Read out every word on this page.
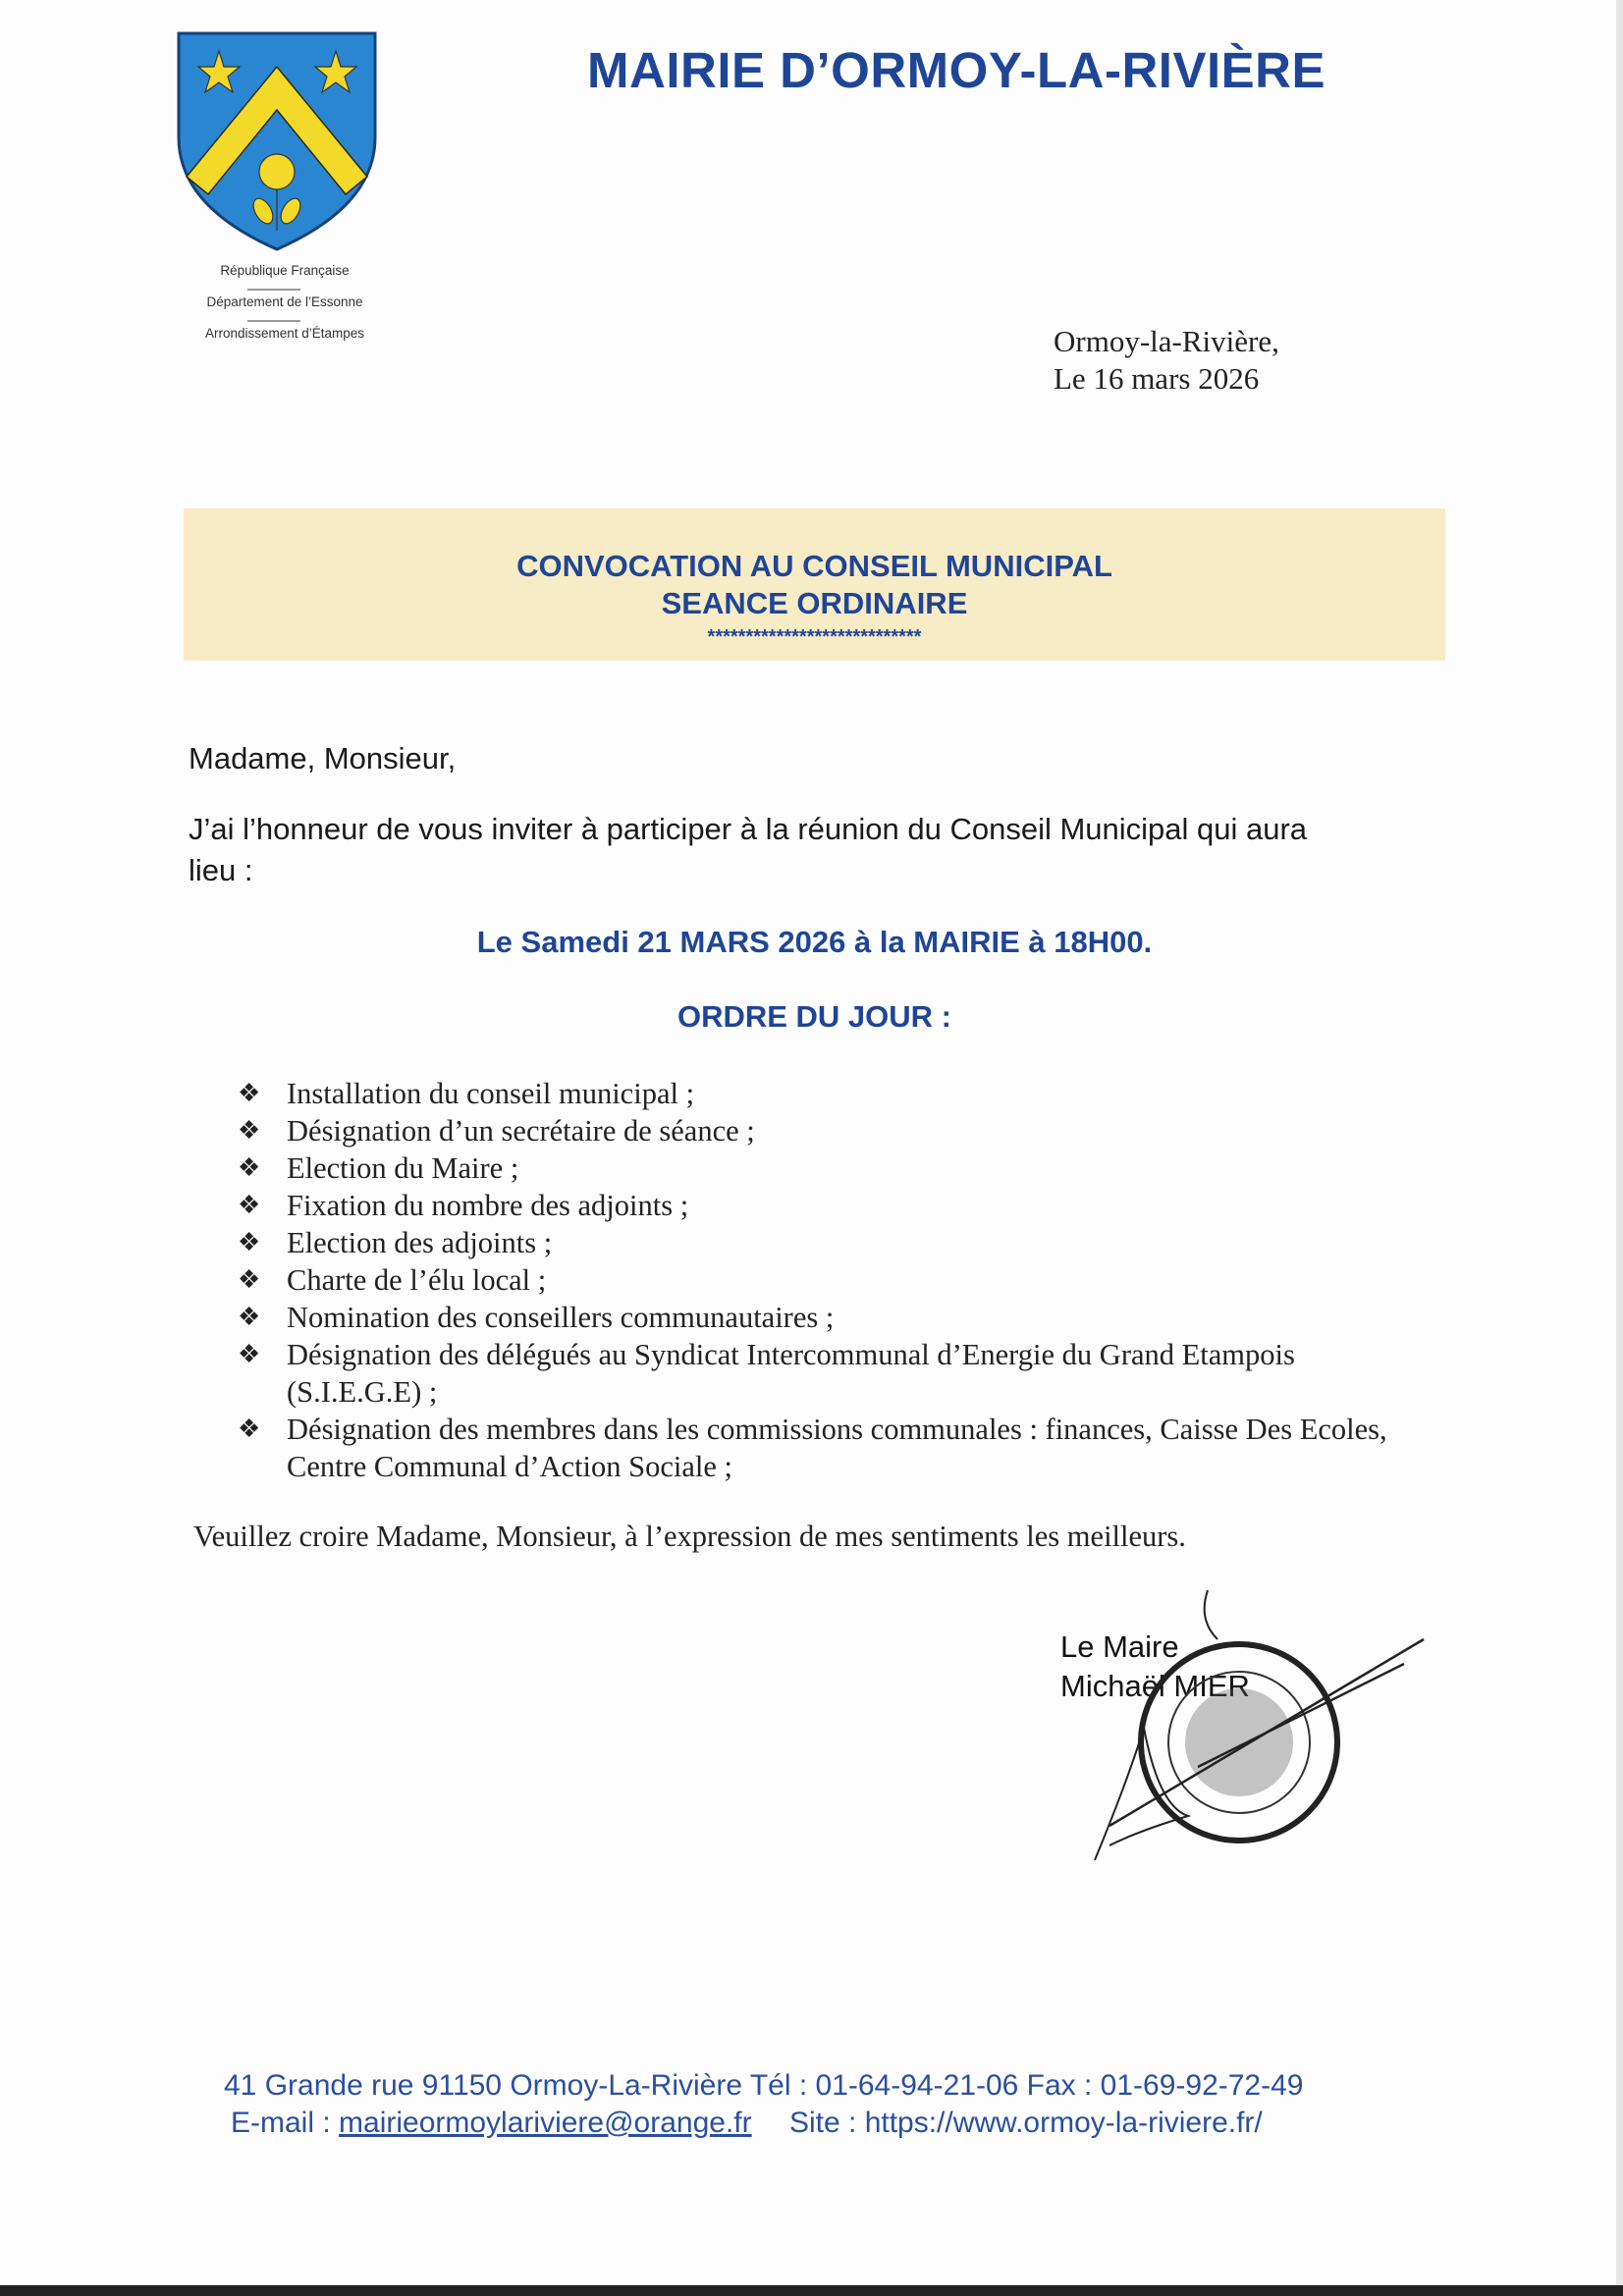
République Française
Département de l’Essonne
Arrondissement d’Étampes
MAIRIE D’ORMOY-LA-RIVIÈRE
Ormoy-la-Rivière,
Le 16 mars 2026
CONVOCATION AU CONSEIL MUNICIPAL
SEANCE ORDINAIRE
****************************
Madame, Monsieur,
J’ai l’honneur de vous inviter à participer à la réunion du Conseil Municipal qui aura
lieu :
Le Samedi 21 MARS 2026 à la MAIRIE à 18H00.
ORDRE DU JOUR :
❖ Installation du conseil municipal ;
❖ Désignation d’un secrétaire de séance ;
❖ Election du Maire ;
❖ Fixation du nombre des adjoints ;
❖ Election des adjoints ;
❖ Charte de l’élu local ;
❖ Nomination des conseillers communautaires ;
❖ Désignation des délégués au Syndicat Intercommunal d’Energie du Grand Etampois (S.I.E.G.E) ;
❖ Désignation des membres dans les commissions communales : finances, Caisse Des Ecoles, Centre Communal d’Action Sociale ;
Veuillez croire Madame, Monsieur, à l’expression de mes sentiments les meilleurs.
Le Maire
Michaël MIER
41 Grande rue 91150 Ormoy-La-Rivière Tél : 01-64-94-21-06 Fax : 01-69-92-72-49
E-mail : mairieormoylariviere@orange.fr Site : https://www.ormoy-la-riviere.fr/
